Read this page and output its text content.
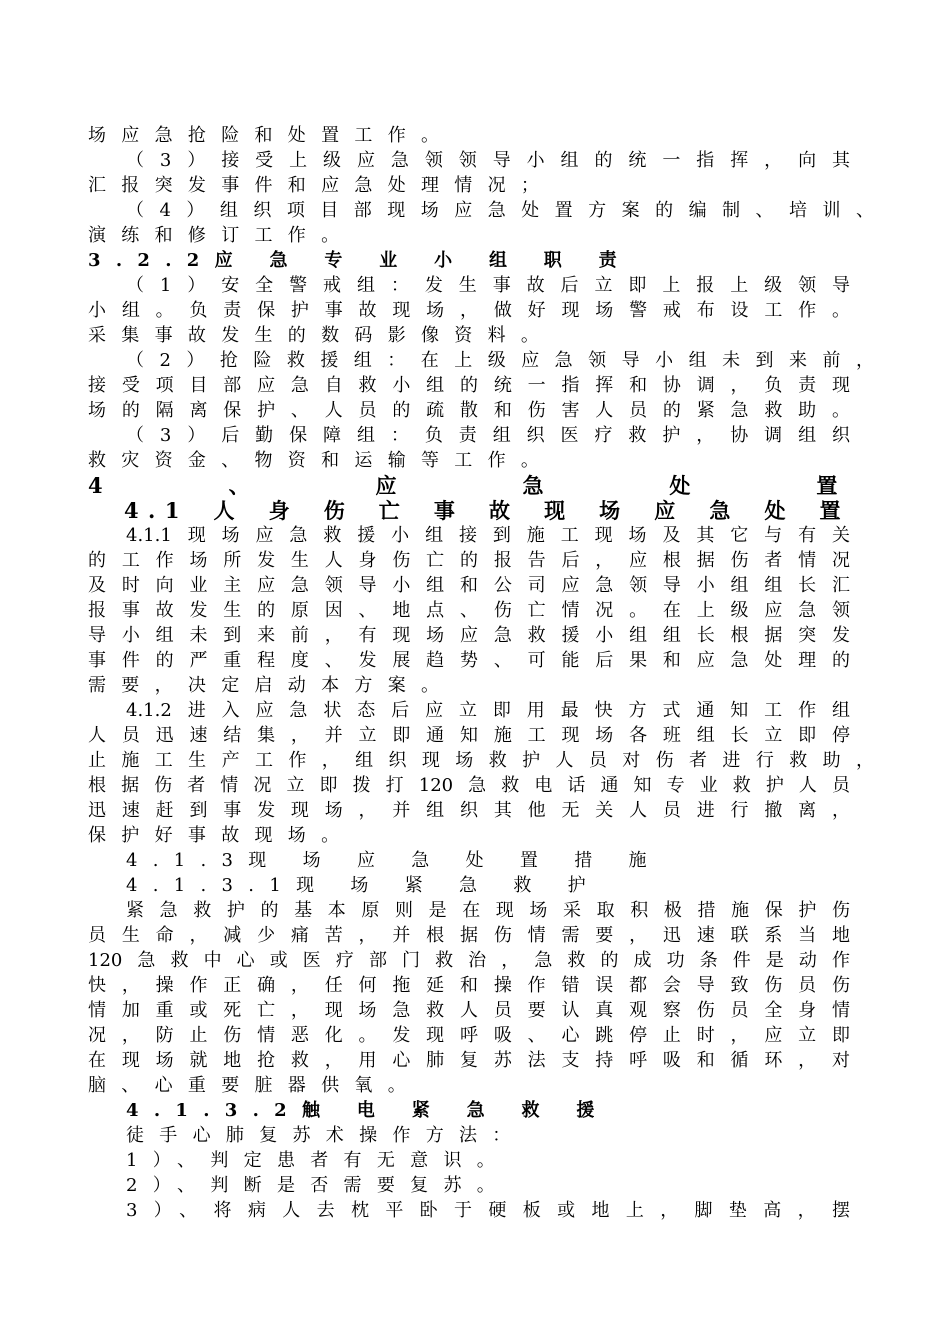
场应急抢险和处置工作。
（3）接受上级应急领领导小组的统一指挥，向其
汇报突发事件和应急处理情况；
（4）组织项目部现场应急处置方案的编制、培训、
演练和修订工作。
3.2.2应 急 专 业 小 组 职 责
（1）安全警戒组：发生事故后立即上报上级领导
小组。负责保护事故现场，做好现场警戒布设工作。
采集事故发生的数码影像资料。
（2）抢险救援组：在上级应急领导小组未到来前，
接受项目部应急自救小组的统一指挥和协调，负责现
场的隔离保护、人员的疏散和伤害人员的紧急救助。
（3）后勤保障组：负责组织医疗救护，协调组织
救灾资金、物资和运输等工作。
4、应急处置
4.1人身伤亡事故现场应急处置
4.1.1现场应急救援小组接到施工现场及其它与有关
的工作场所发生人身伤亡的报告后，应根据伤者情况
及时向业主应急领导小组和公司应急领导小组组长汇
报事故发生的原因、地点、伤亡情况。在上级应急领
导小组未到来前，有现场应急救援小组组长根据突发
事件的严重程度、发展趋势、可能后果和应急处理的
需要，决定启动本方案。
4.1.2进入应急状态后应立即用最快方式通知工作组
人员迅速结集，并立即通知施工现场各班组长立即停
止施工生产工作，组织现场救护人员对伤者进行救助，
根据伤者情况立即拨打120急救电话通知专业救护人员
迅速赶到事发现场，并组织其他无关人员进行撤离，
保护好事故现场。
4.1.3现 场 应 急 处 置 措 施
4.1.3.1现 场 紧 急 救 护
紧急救护的基本原则是在现场采取积极措施保护伤
员生命，减少痛苦，并根据伤情需要，迅速联系当地
120急救中心或医疗部门救治，急救的成功条件是动作
快，操作正确，任何拖延和操作错误都会导致伤员伤
情加重或死亡，现场急救人员要认真观察伤员全身情
况，防止伤情恶化。发现呼吸、心跳停止时，应立即
在现场就地抢救，用心肺复苏法支持呼吸和循环，对
脑、心重要脏器供氧。
4.1.3.2触 电 紧 急 救 援
徒手心肺复苏术操作方法：
1）、判定患者有无意识。
2）、判断是否需要复苏。
3）、将病人去枕平卧于硬板或地上，脚垫高，摆
